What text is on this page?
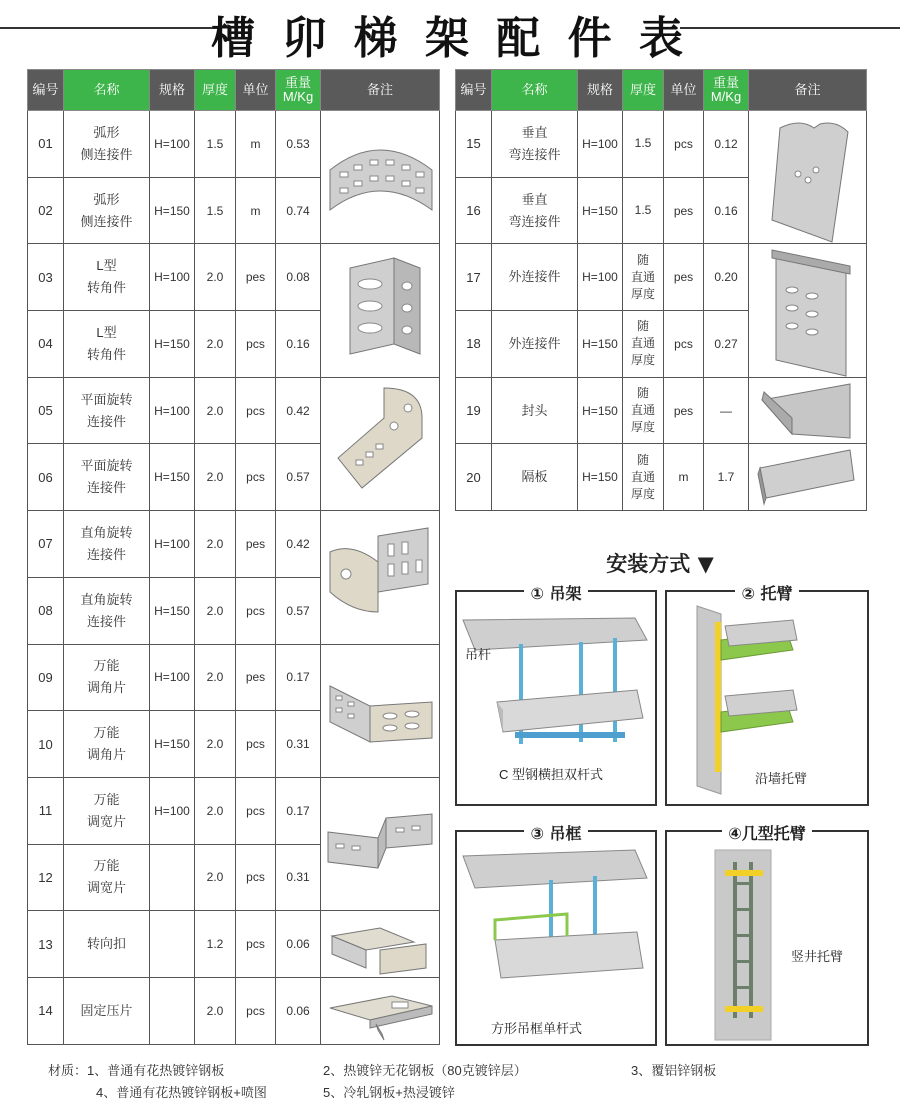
槽 卯 梯 架 配 件 表
编号	名称	规格	厚度	单位	重量
M/Kg	备注
01	弧形
侧连接件	H=100	1.5	m	0.53	
02	弧形
侧连接件	H=150	1.5	m	0.74	
03	L型
转角件	H=100	2.0	pes	0.08	
04	L型
转角件	H=150	2.0	pcs	0.16	
05	平面旋转
连接件	H=100	2.0	pcs	0.42	
06	平面旋转
连接件	H=150	2.0	pcs	0.57	
07	直角旋转
连接件	H=100	2.0	pes	0.42	
08	直角旋转
连接件	H=150	2.0	pcs	0.57	
09	万能
调角片	H=100	2.0	pes	0.17	
10	万能
调角片	H=150	2.0	pcs	0.31	
11	万能
调宽片	H=100	2.0	pcs	0.17	
12	万能
调宽片		2.0	pcs	0.31	
13	转向扣		1.2	pcs	0.06	
14	固定压片		2.0	pcs	0.06	
编号	名称	规格	厚度	单位	重量
M/Kg	备注
15	垂直
弯连接件	H=100	1.5	pcs	0.12	
16	垂直
弯连接件	H=150	1.5	pes	0.16	
17	外连接件	H=100	随
直通
厚度	pes	0.20	
18	外连接件	H=150	随
直通
厚度	pcs	0.27	
19	封头	H=150	随
直通
厚度	pes	—	
20	隔板	H=150	随
直通
厚度	m	1.7	
安装方式 ▼
① 吊架
吊杆
C 型钢横担双杆式
② 托臂
沿墙托臂
③ 吊框
方形吊框单杆式
④几型托臂
竖井托臂
材质：1、普通有花热镀锌钢板	2、热镀锌无花钢板（80克镀锌层）	3、覆铝锌钢板
4、普通有花热镀锌钢板+喷图	5、冷轧钢板+热浸镀锌
